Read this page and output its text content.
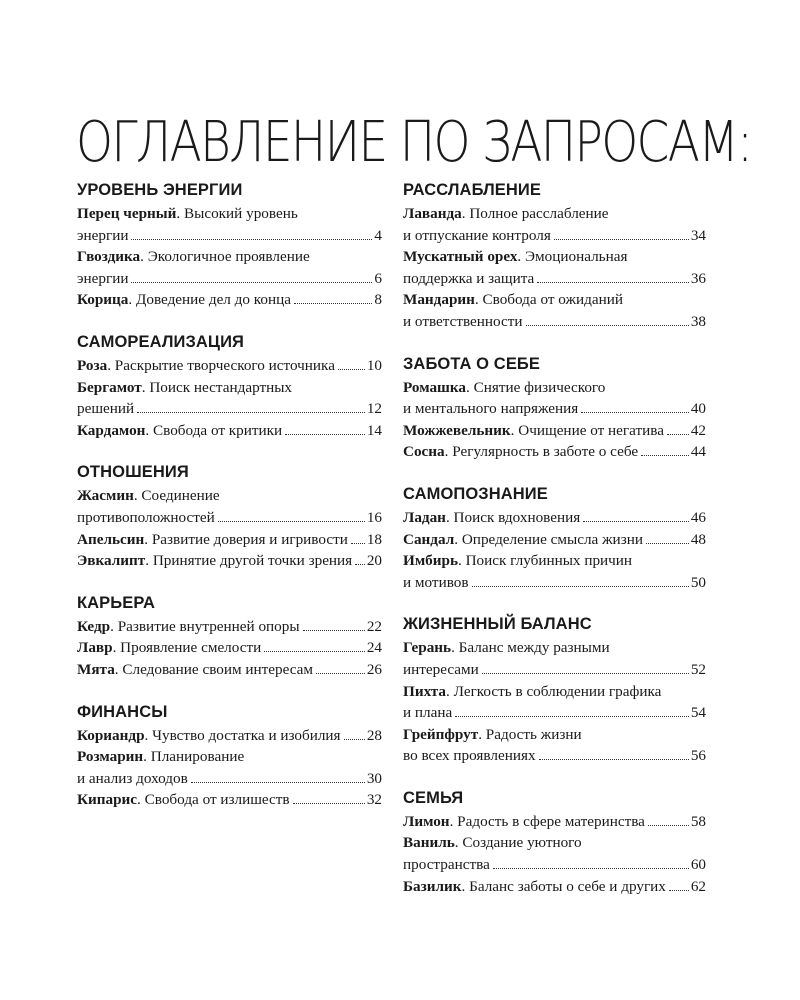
ОГЛАВЛЕНИЕ ПО ЗАПРОСАМ:
УРОВЕНЬ ЭНЕРГИИ
Перец черный . Высокий уровень
энергии	4
Гвоздика . Экологичное проявление
энергии	6
Корица . Доведение дел до конца	8
САМОРЕАЛИЗАЦИЯ
Роза . Раскрытие творческого источника 10
Бергамот . Поиск нестандартных
решений	12
Кардамон . Свобода от критики	14
ОТНОШЕНИЯ
Жасмин . Соединение
противоположностей	16
Апельсин . Развитие доверия и игривости 18
Эвкалипт . Принятие другой точки зрения 20
КАРЬЕРА
Кедр . Развитие внутренней опоры	22
Лавр . Проявление смелости	24
Мята . Следование своим интересам	26
ФИНАНСЫ
Кориандр . Чувство достатка и изобилия 28
Розмарин . Планирование
и анализ доходов	30
Кипарис . Свобода от излишеств	32
РАССЛАБЛЕНИЕ
Лаванда . Полное расслабление
и отпускание контроля	34
Мускатный орех . Эмоциональная
поддержка и защита	36
Мандарин . Свобода от ожиданий
и ответственности	38
ЗАБОТА О СЕБЕ
Ромашка . Снятие физического
и ментального напряжения	40
Можжевельник . Очищение от негатива 42
Сосна . Регулярность в заботе о себе	44
САМОПОЗНАНИЕ
Ладан . Поиск вдохновения	46
Сандал . Определение смысла жизни	48
Имбирь . Поиск глубинных причин
и мотивов	50
ЖИЗНЕННЫЙ БАЛАНС
Герань . Баланс между разными
интересами	52
Пихта . Легкость в соблюдении графика
и плана	54
Грейпфрут . Радость жизни
во всех проявлениях	56
СЕМЬЯ
Лимон . Радость в сфере материнства	58
Ваниль . Создание уютного
пространства	60
Базилик . Баланс заботы о себе и других 62
